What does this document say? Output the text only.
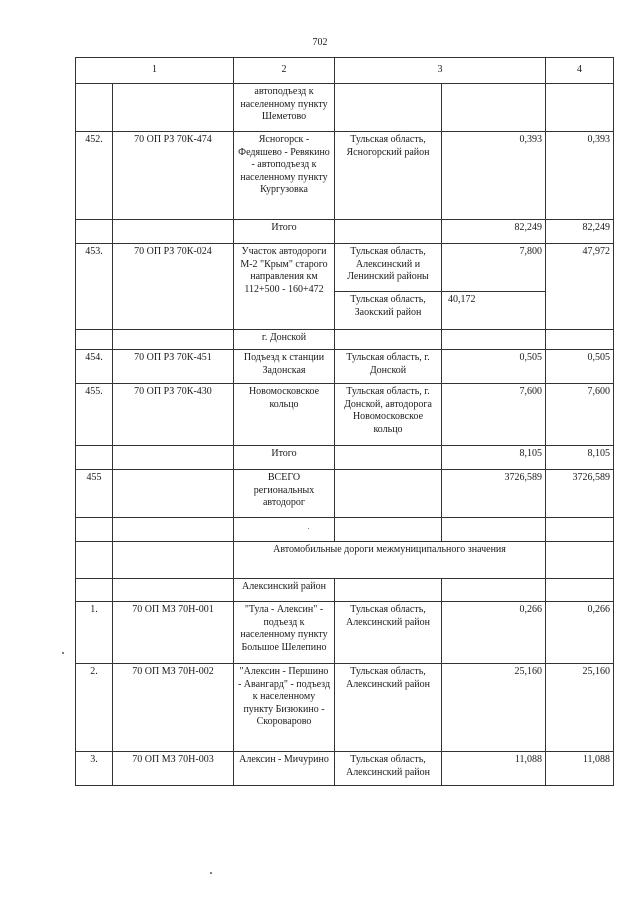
702
1		2	3		4
		автоподъезд к населенному пункту Шеметово			
452.	70 ОП РЗ 70К-474	Ясногорск - Федяшево - Ревякино - автоподъезд к населенному пункту Кургузовка	Тульская область, Ясногорский район	0,393	0,393
		Итого		82,249	82,249
453.	70 ОП РЗ 70К-024	Участок автодороги М-2 "Крым" старого направления км 112+500 - 160+472	Тульская область, Алексинский и Ленинский районы	7,800	47,972
			Тульская область, Заокский район	40,172	
		г. Донской			
454.	70 ОП РЗ 70К-451	Подъезд к станции Задонская	Тульская область, г. Донской	0,505	0,505
455.	70 ОП РЗ 70К-430	Новомосковское кольцо	Тульская область, г. Донской, автодорога Новомосковское кольцо	7,600	7,600
		Итого		8,105	8,105
455		ВСЕГО региональных автодорог		3726,589	3726,589

		Автомобильные дороги межмуниципального значения			
		Алексинский район			
1.	70 ОП МЗ 70Н-001	"Тула - Алексин" - подъезд к населенному пункту Большое Шелепино	Тульская область, Алексинский район	0,266	0,266
2.	70 ОП МЗ 70Н-002	"Алексин - Першино - Авангард" - подъезд к населенному пункту Бизюкино - Скороварово	Тульская область, Алексинский район	25,160	25,160
3.	70 ОП МЗ 70Н-003	Алексин - Мичурино	Тульская область, Алексинский район	11,088	11,088
